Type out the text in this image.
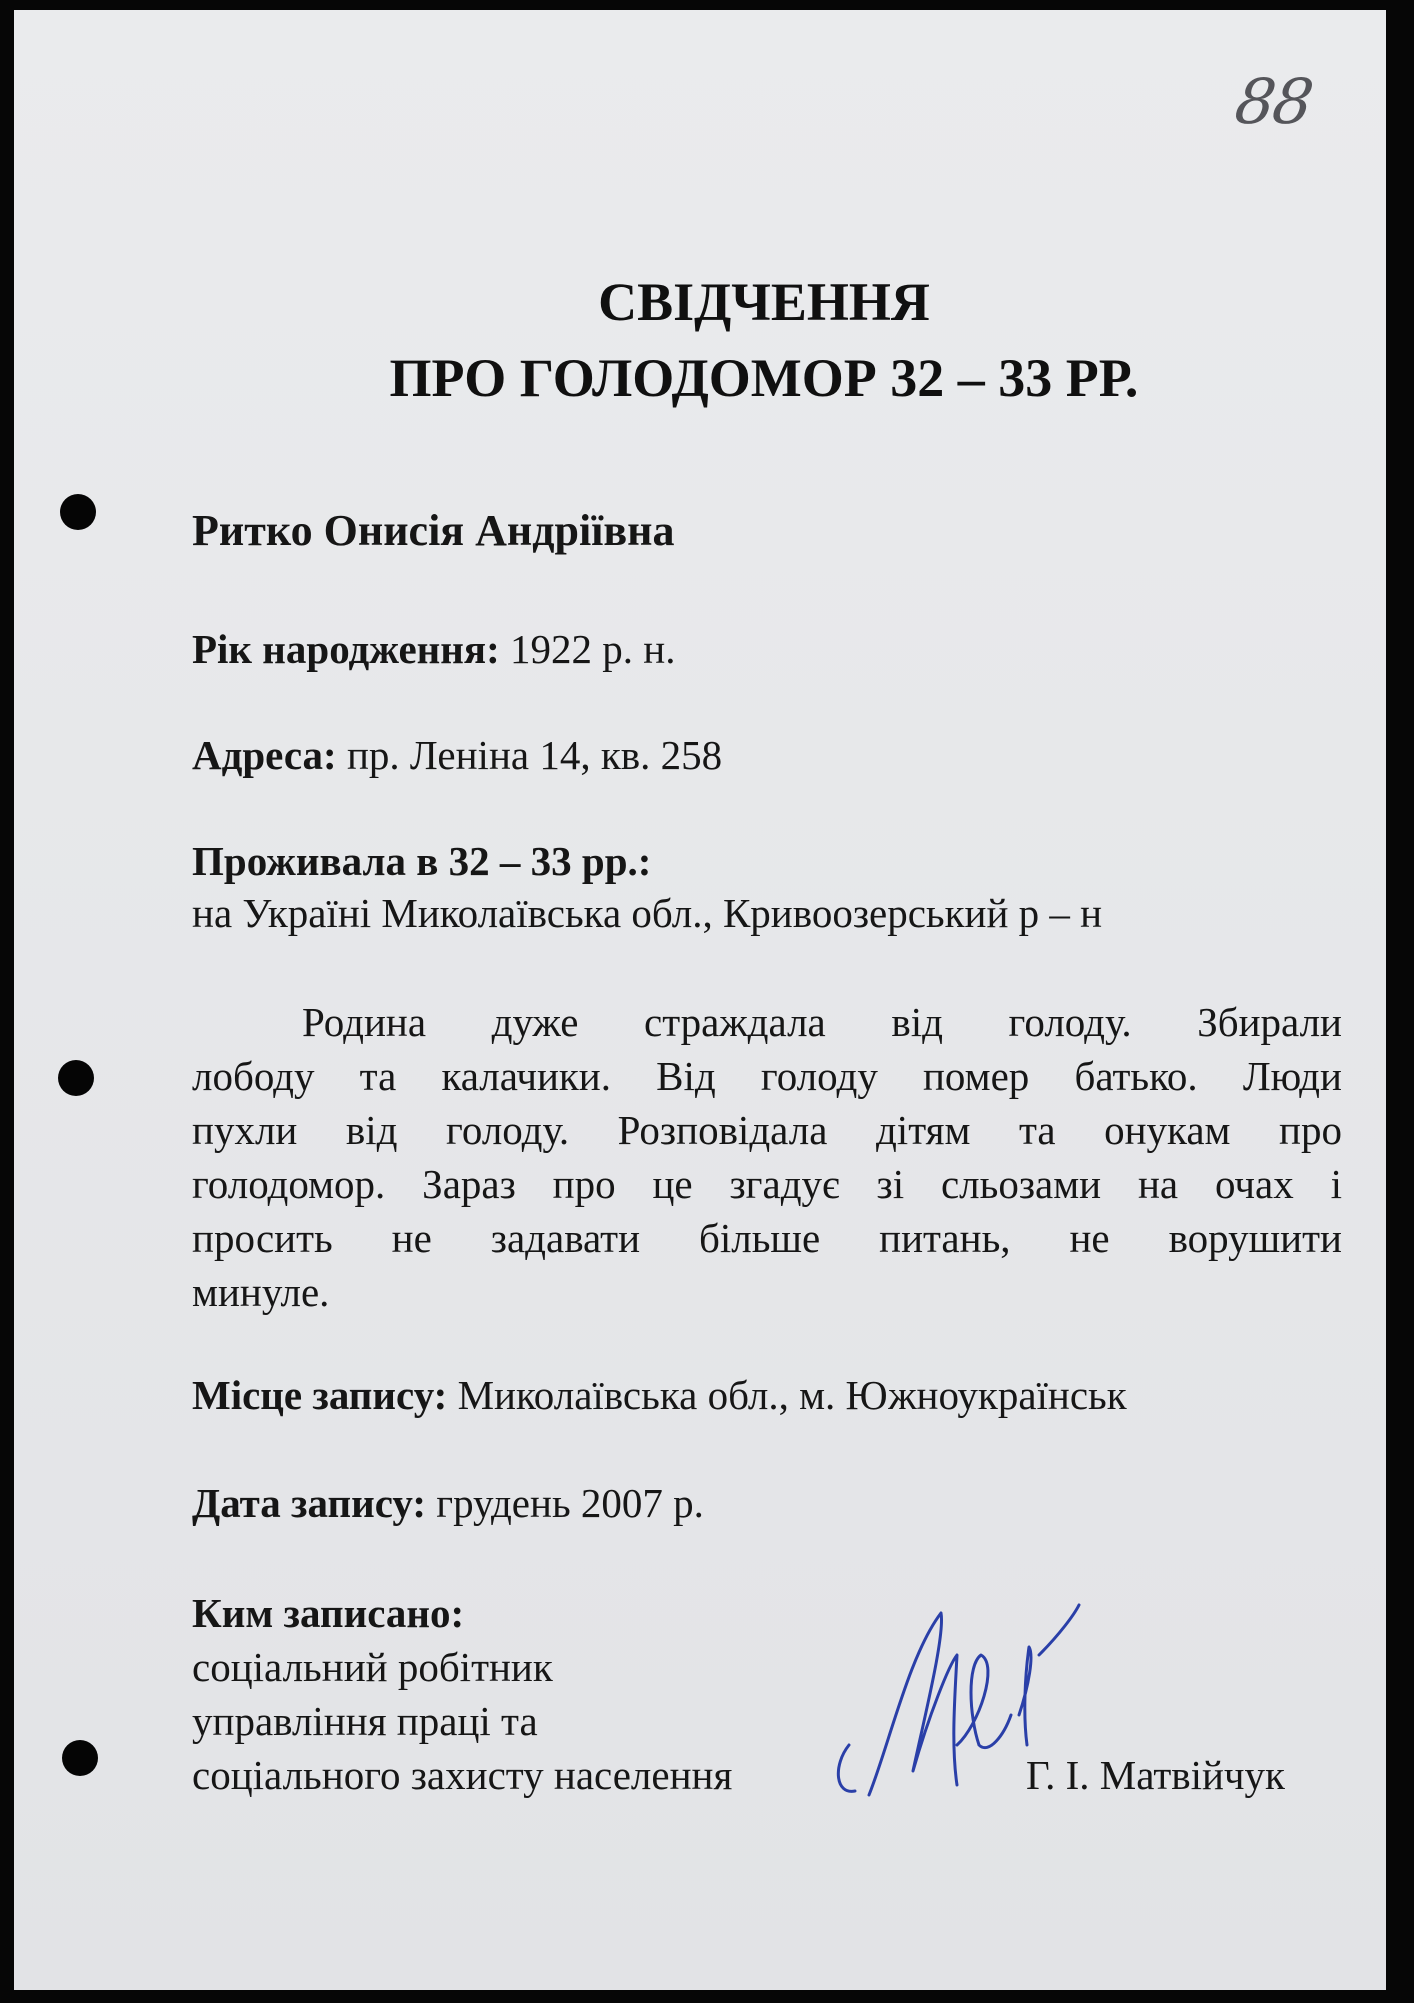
88
СВІДЧЕННЯ
ПРО ГОЛОДОМОР 32 – 33 РР.
Ритко Онисія Андріївна
Рік народження: 1922 р. н.
Адреса: пр. Леніна 14, кв. 258
Проживала в 32 – 33 рр.:
на Україні Миколаївська обл., Кривоозерський р – н
Родина дуже страждала від голоду. Збирали
лободу та калачики. Від голоду помер батько. Люди
пухли від голоду. Розповідала дітям та онукам про
голодомор. Зараз про це згадує зі сльозами на очах і
просить не задавати більше питань, не ворушити
минуле.
Місце запису: Миколаївська обл., м. Южноукраїнськ
Дата запису: грудень 2007 р.
Ким записано:
соціальний робітник
управління праці та
соціального захисту населення	Г. І. Матвійчук
